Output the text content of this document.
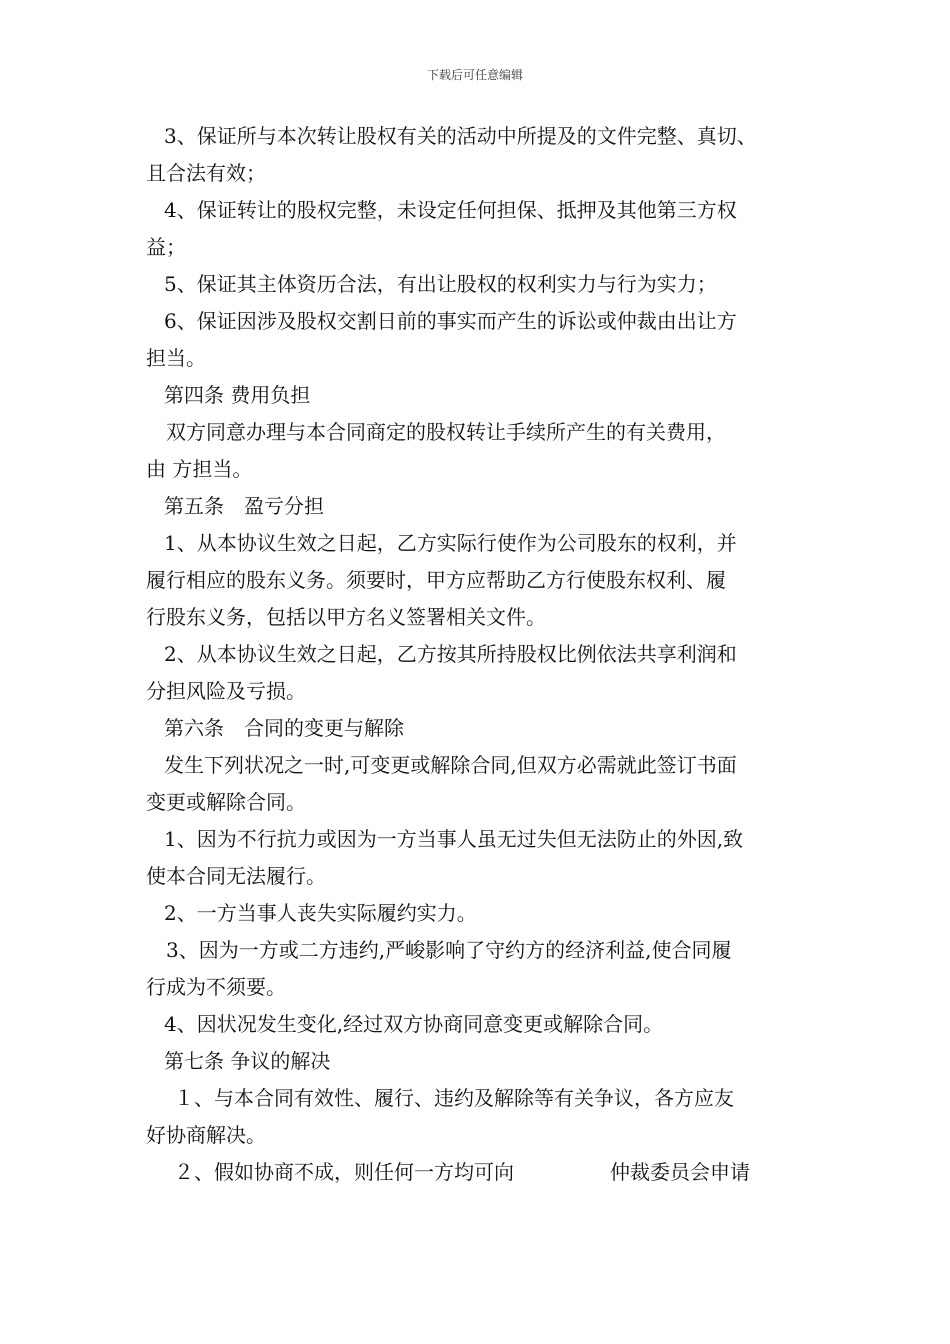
下载后可任意编辑
3、保证所与本次转让股权有关的活动中所提及的文件完整、真切、
且合法有效；
4、保证转让的股权完整，未设定任何担保、抵押及其他第三方权
益；
5、保证其主体资历合法，有出让股权的权利实力与行为实力；
6、保证因涉及股权交割日前的事实而产生的诉讼或仲裁由出让方
担当。
第四条 费用负担
双方同意办理与本合同商定的股权转让手续所产生的有关费用，
由 方担当。
第五条　盈亏分担
1、从本协议生效之日起，乙方实际行使作为公司股东的权利，并
履行相应的股东义务。须要时，甲方应帮助乙方行使股东权利、履
行股东义务，包括以甲方名义签署相关文件。
2、从本协议生效之日起，乙方按其所持股权比例依法共享利润和
分担风险及亏损。
第六条　合同的变更与解除
发生下列状况之一时,可变更或解除合同,但双方必需就此签订书面
变更或解除合同。
1、因为不行抗力或因为一方当事人虽无过失但无法防止的外因,致
使本合同无法履行。
2、一方当事人丧失实际履约实力。
3、因为一方或二方违约,严峻影响了守约方的经济利益,使合同履
行成为不须要。
4、因状况发生变化,经过双方协商同意变更或解除合同。
第七条 争议的解决
１、与本合同有效性、履行、违约及解除等有关争议，各方应友
好协商解决。
２、假如协商不成，则任何一方均可向	仲裁委员会申请
